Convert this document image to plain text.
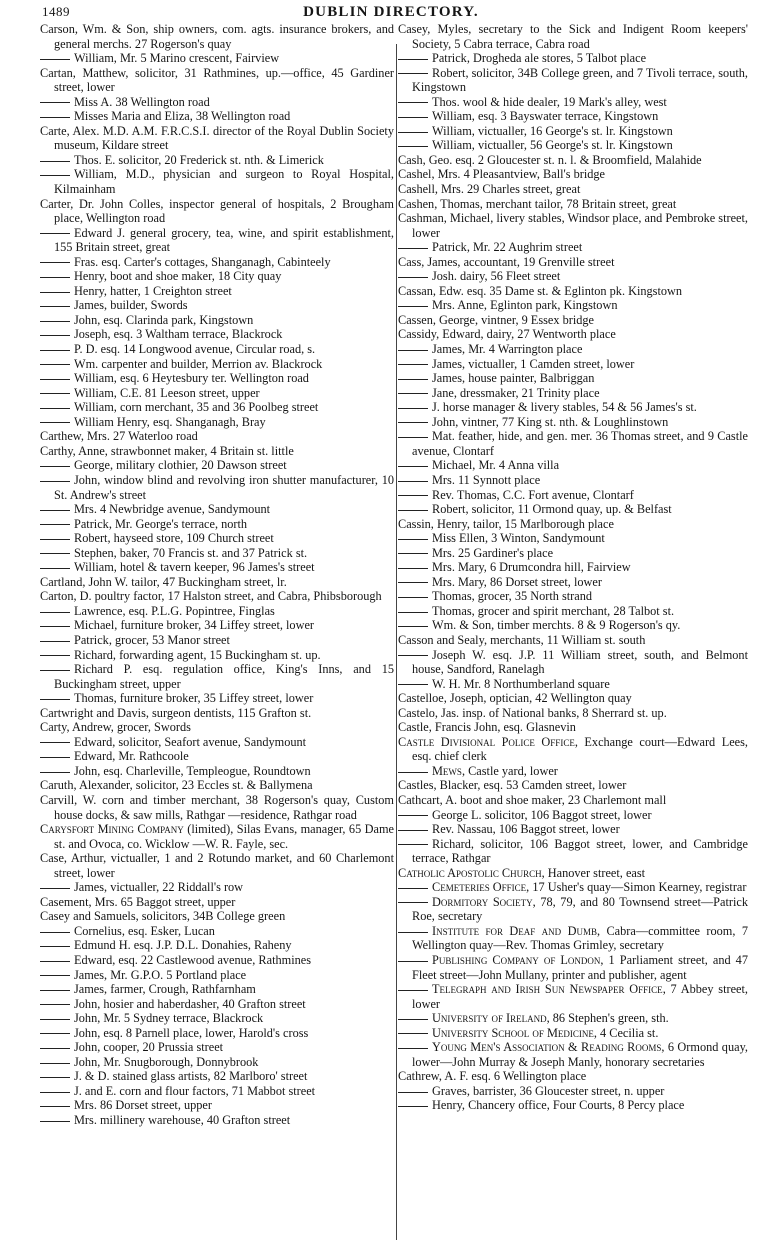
1489	DUBLIN DIRECTORY.

Carson, Wm. & Son, ship owners, com. agts. insurance brokers, and general merchs. 27 Rogerson's quay

William, Mr. 5 Marino crescent, Fairview

Cartan, Matthew, solicitor, 31 Rathmines, up.—office, 45 Gardiner street, lower

Miss A. 38 Wellington road

Misses Maria and Eliza, 38 Wellington road

Carte, Alex. M.D. A.M. F.R.C.S.I. director of the Royal Dublin Society museum, Kildare street

Thos. E. solicitor, 20 Frederick st. nth. & Limerick

William, M.D., physician and surgeon to Royal Hospital, Kilmainham

Carter, Dr. John Colles, inspector general of hospitals, 2 Brougham place, Wellington road

Edward J. general grocery, tea, wine, and spirit establishment, 155 Britain street, great

Fras. esq. Carter's cottages, Shanganagh, Cabinteely

Henry, boot and shoe maker, 18 City quay

Henry, hatter, 1 Creighton street

James, builder, Swords

John, esq. Clarinda park, Kingstown

Joseph, esq. 3 Waltham terrace, Blackrock

P. D. esq. 14 Longwood avenue, Circular road, s.

Wm. carpenter and builder, Merrion av. Blackrock

William, esq. 6 Heytesbury ter. Wellington road

William, C.E. 81 Leeson street, upper

William, corn merchant, 35 and 36 Poolbeg street

William Henry, esq. Shanganagh, Bray

Carthew, Mrs. 27 Waterloo road

Carthy, Anne, strawbonnet maker, 4 Britain st. little

George, military clothier, 20 Dawson street

John, window blind and revolving iron shutter manufacturer, 10 St. Andrew's street

Mrs. 4 Newbridge avenue, Sandymount

Patrick, Mr. George's terrace, north

Robert, hayseed store, 109 Church street

Stephen, baker, 70 Francis st. and 37 Patrick st.

William, hotel & tavern keeper, 96 James's street

Cartland, John W. tailor, 47 Buckingham street, lr.

Carton, D. poultry factor, 17 Halston street, and Cabra, Phibsborough

Lawrence, esq. P.L.G. Popintree, Finglas

Michael, furniture broker, 34 Liffey street, lower

Patrick, grocer, 53 Manor street

Richard, forwarding agent, 15 Buckingham st. up.

Richard P. esq. regulation office, King's Inns, and 15 Buckingham street, upper

Thomas, furniture broker, 35 Liffey street, lower

Cartwright and Davis, surgeon dentists, 115 Grafton st.

Carty, Andrew, grocer, Swords

Edward, solicitor, Seafort avenue, Sandymount

Edward, Mr. Rathcoole

John, esq. Charleville, Templeogue, Roundtown

Caruth, Alexander, solicitor, 23 Eccles st. & Ballymena

Carvill, W. corn and timber merchant, 38 Rogerson's quay, Custom house docks, & saw mills, Rathgar —residence, Rathgar road

Carysfort Mining Company (limited), Silas Evans, manager, 65 Dame st. and Ovoca, co. Wicklow —W. R. Fayle, sec.

Case, Arthur, victualler, 1 and 2 Rotundo market, and 60 Charlemont street, lower

James, victualler, 22 Riddall's row

Casement, Mrs. 65 Baggot street, upper

Casey and Samuels, solicitors, 34B College green

Cornelius, esq. Esker, Lucan

Edmund H. esq. J.P. D.L. Donahies, Raheny

Edward, esq. 22 Castlewood avenue, Rathmines

James, Mr. G.P.O. 5 Portland place

James, farmer, Crough, Rathfarnham

John, hosier and haberdasher, 40 Grafton street

John, Mr. 5 Sydney terrace, Blackrock

John, esq. 8 Parnell place, lower, Harold's cross

John, cooper, 20 Prussia street

John, Mr. Snugborough, Donnybrook

J. & D. stained glass artists, 82 Marlboro' street

J. and E. corn and flour factors, 71 Mabbot street

Mrs. 86 Dorset street, upper

Mrs. millinery warehouse, 40 Grafton street

Casey, Myles, secretary to the Sick and Indigent Room keepers' Society, 5 Cabra terrace, Cabra road

Patrick, Drogheda ale stores, 5 Talbot place

Robert, solicitor, 34B College green, and 7 Tivoli terrace, south, Kingstown

Thos. wool & hide dealer, 19 Mark's alley, west

William, esq. 3 Bayswater terrace, Kingstown

William, victualler, 16 George's st. lr. Kingstown

William, victualler, 56 George's st. lr. Kingstown

Cash, Geo. esq. 2 Gloucester st. n. l. & Broomfield, Malahide

Cashel, Mrs. 4 Pleasantview, Ball's bridge

Cashell, Mrs. 29 Charles street, great

Cashen, Thomas, merchant tailor, 78 Britain street, great

Cashman, Michael, livery stables, Windsor place, and Pembroke street, lower

Patrick, Mr. 22 Aughrim street

Cass, James, accountant, 19 Grenville street

Josh. dairy, 56 Fleet street

Cassan, Edw. esq. 35 Dame st. & Eglinton pk. Kingstown

Mrs. Anne, Eglinton park, Kingstown

Cassen, George, vintner, 9 Essex bridge

Cassidy, Edward, dairy, 27 Wentworth place

James, Mr. 4 Warrington place

James, victualler, 1 Camden street, lower

James, house painter, Balbriggan

Jane, dressmaker, 21 Trinity place

J. horse manager & livery stables, 54 & 56 James's st.

John, vintner, 77 King st. nth. & Loughlinstown

Mat. feather, hide, and gen. mer. 36 Thomas street, and 9 Castle avenue, Clontarf

Michael, Mr. 4 Anna villa

Mrs. 11 Synnott place

Rev. Thomas, C.C. Fort avenue, Clontarf

Robert, solicitor, 11 Ormond quay, up. & Belfast

Cassin, Henry, tailor, 15 Marlborough place

Miss Ellen, 3 Winton, Sandymount

Mrs. 25 Gardiner's place

Mrs. Mary, 6 Drumcondra hill, Fairview

Mrs. Mary, 86 Dorset street, lower

Thomas, grocer, 35 North strand

Thomas, grocer and spirit merchant, 28 Talbot st.

Wm. & Son, timber merchts. 8 & 9 Rogerson's qy.

Casson and Sealy, merchants, 11 William st. south

Joseph W. esq. J.P. 11 William street, south, and Belmont house, Sandford, Ranelagh

W. H. Mr. 8 Northumberland square

Castelloe, Joseph, optician, 42 Wellington quay

Castelo, Jas. insp. of National banks, 8 Sherrard st. up.

Castle, Francis John, esq. Glasnevin

Castle Divisional Police Office, Exchange court—Edward Lees, esq. chief clerk

Mews, Castle yard, lower

Castles, Blacker, esq. 53 Camden street, lower

Cathcart, A. boot and shoe maker, 23 Charlemont mall

George L. solicitor, 106 Baggot street, lower

Rev. Nassau, 106 Baggot street, lower

Richard, solicitor, 106 Baggot street, lower, and Cambridge terrace, Rathgar

Catholic Apostolic Church, Hanover street, east

Cemeteries Office, 17 Usher's quay—Simon Kearney, registrar

Dormitory Society, 78, 79, and 80 Townsend street—Patrick Roe, secretary

Institute for Deaf and Dumb, Cabra—committee room, 7 Wellington quay—Rev. Thomas Grimley, secretary

Publishing Company of London, 1 Parliament street, and 47 Fleet street—John Mullany, printer and publisher, agent

Telegraph and Irish Sun Newspaper Office, 7 Abbey street, lower

University of Ireland, 86 Stephen's green, sth.

University School of Medicine, 4 Cecilia st.

Young Men's Association & Reading Rooms, 6 Ormond quay, lower—John Murray & Joseph Manly, honorary secretaries

Cathrew, A. F. esq. 6 Wellington place

Graves, barrister, 36 Gloucester street, n. upper

Henry, Chancery office, Four Courts, 8 Percy place
